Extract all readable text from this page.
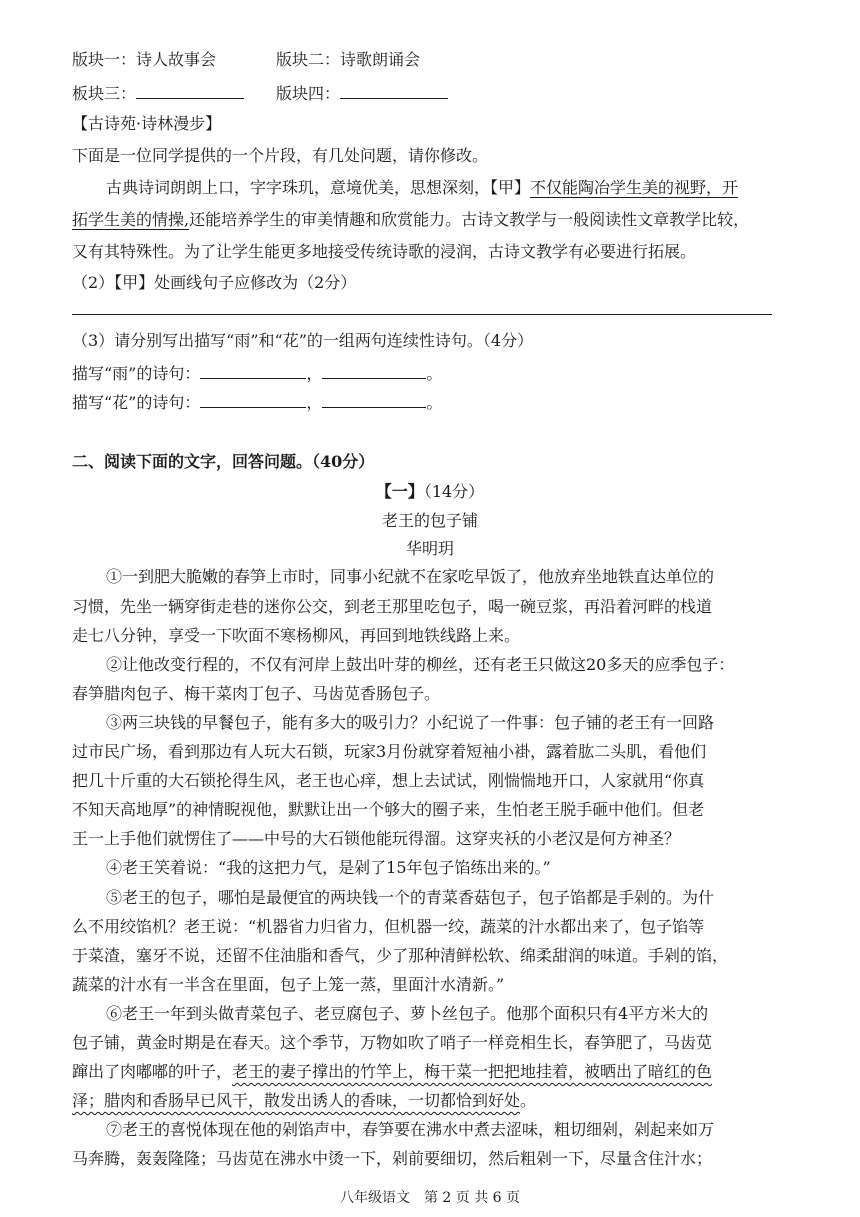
版块一：诗人故事会	版块二：诗歌朗诵会
板块三：	版块四：
【古诗苑·诗林漫步】
下面是一位同学提供的一个片段，有几处问题，请你修改。
古典诗词朗朗上口，字字珠玑，意境优美，思想深刻，【甲】不仅能陶冶学生美的视野，开
拓学生美的情操,还能培养学生的审美情趣和欣赏能力。古诗文教学与一般阅读性文章教学比较，
又有其特殊性。为了让学生能更多地接受传统诗歌的浸润，古诗文教学有必要进行拓展。
（2）【甲】处画线句子应修改为（2分）
（3）请分别写出描写“雨”和“花”的一组两句连续性诗句。（4分）
描写“雨”的诗句：	，	。
描写“花”的诗句：	，	。
二、阅读下面的文字，回答问题。（40分）
【一】（14分）
老王的包子铺
华明玥
①一到肥大脆嫩的春笋上市时，同事小纪就不在家吃早饭了，他放弃坐地铁直达单位的
习惯，先坐一辆穿街走巷的迷你公交，到老王那里吃包子，喝一碗豆浆，再沿着河畔的栈道
走七八分钟，享受一下吹面不寒杨柳风，再回到地铁线路上来。
②让他改变行程的，不仅有河岸上鼓出叶芽的柳丝，还有老王只做这20多天的应季包子：
春笋腊肉包子、梅干菜肉丁包子、马齿苋香肠包子。
③两三块钱的早餐包子，能有多大的吸引力？小纪说了一件事：包子铺的老王有一回路
过市民广场，看到那边有人玩大石锁，玩家3月份就穿着短袖小褂，露着肱二头肌，看他们
把几十斤重的大石锁抡得生风，老王也心痒，想上去试试，刚惴惴地开口，人家就用“你真
不知天高地厚”的神情睨视他，默默让出一个够大的圈子来，生怕老王脱手砸中他们。但老
王一上手他们就愣住了——中号的大石锁他能玩得溜。这穿夹袄的小老汉是何方神圣？
④老王笑着说：“我的这把力气，是剁了15年包子馅练出来的。”
⑤老王的包子，哪怕是最便宜的两块钱一个的青菜香菇包子，包子馅都是手剁的。为什
么不用绞馅机？老王说：“机器省力归省力，但机器一绞，蔬菜的汁水都出来了，包子馅等
于菜渣，塞牙不说，还留不住油脂和香气，少了那种清鲜松软、绵柔甜润的味道。手剁的馅，
蔬菜的汁水有一半含在里面，包子上笼一蒸，里面汁水清新。”
⑥老王一年到头做青菜包子、老豆腐包子、萝卜丝包子。他那个面积只有4平方米大的
包子铺，黄金时期是在春天。这个季节，万物如吹了哨子一样竞相生长，春笋肥了，马齿苋
蹿出了肉嘟嘟的叶子，老王的妻子撑出的竹竿上，梅干菜一把把地挂着，被晒出了暗红的色
泽；腊肉和香肠早已风干，散发出诱人的香味，一切都恰到好处。
⑦老王的喜悦体现在他的剁馅声中，春笋要在沸水中煮去涩味，粗切细剁，剁起来如万
马奔腾，轰轰隆隆；马齿苋在沸水中烫一下，剁前要细切，然后粗剁一下，尽量含住汁水；
八年级语文　第 2 页 共 6 页
